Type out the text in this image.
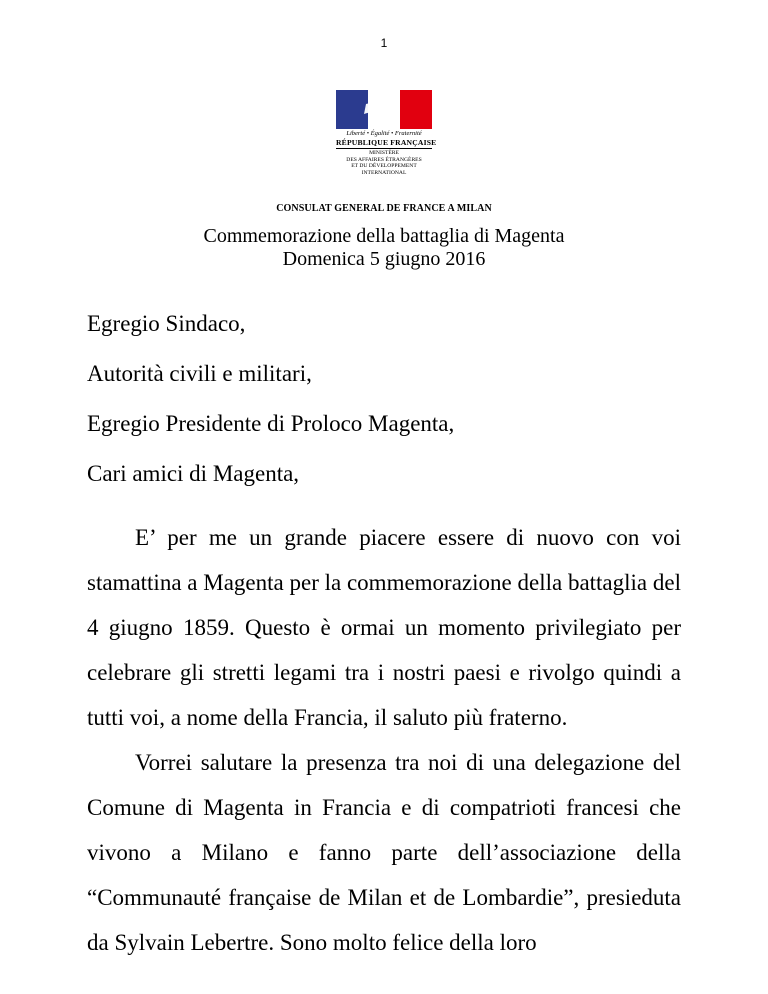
1
Liberté • Égalité • Fraternité
RÉPUBLIQUE FRANÇAISE
MINISTÈRE
DES AFFAIRES ÉTRANGÈRES
ET DU DÉVELOPPEMENT
INTERNATIONAL
CONSULAT GENERAL DE FRANCE A MILAN
Commemorazione della battaglia di Magenta
Domenica 5 giugno 2016
Egregio Sindaco,
Autorità civili e militari,
Egregio Presidente di Proloco Magenta,
Cari amici di Magenta,

E’ per me un grande piacere essere di nuovo con voi stamattina a Magenta per la commemorazione della battaglia del 4 giugno 1859. Questo è ormai un momento privilegiato per celebrare gli stretti legami tra i nostri paesi e rivolgo quindi a tutti voi, a nome della Francia, il saluto più fraterno.

Vorrei salutare la presenza tra noi di una delegazione del Comune di Magenta in Francia e di compatrioti francesi che vivono a Milano e fanno parte dell’associazione della “Communauté française de Milan et de Lombardie”, presieduta da Sylvain Lebertre. Sono molto felice della loro
